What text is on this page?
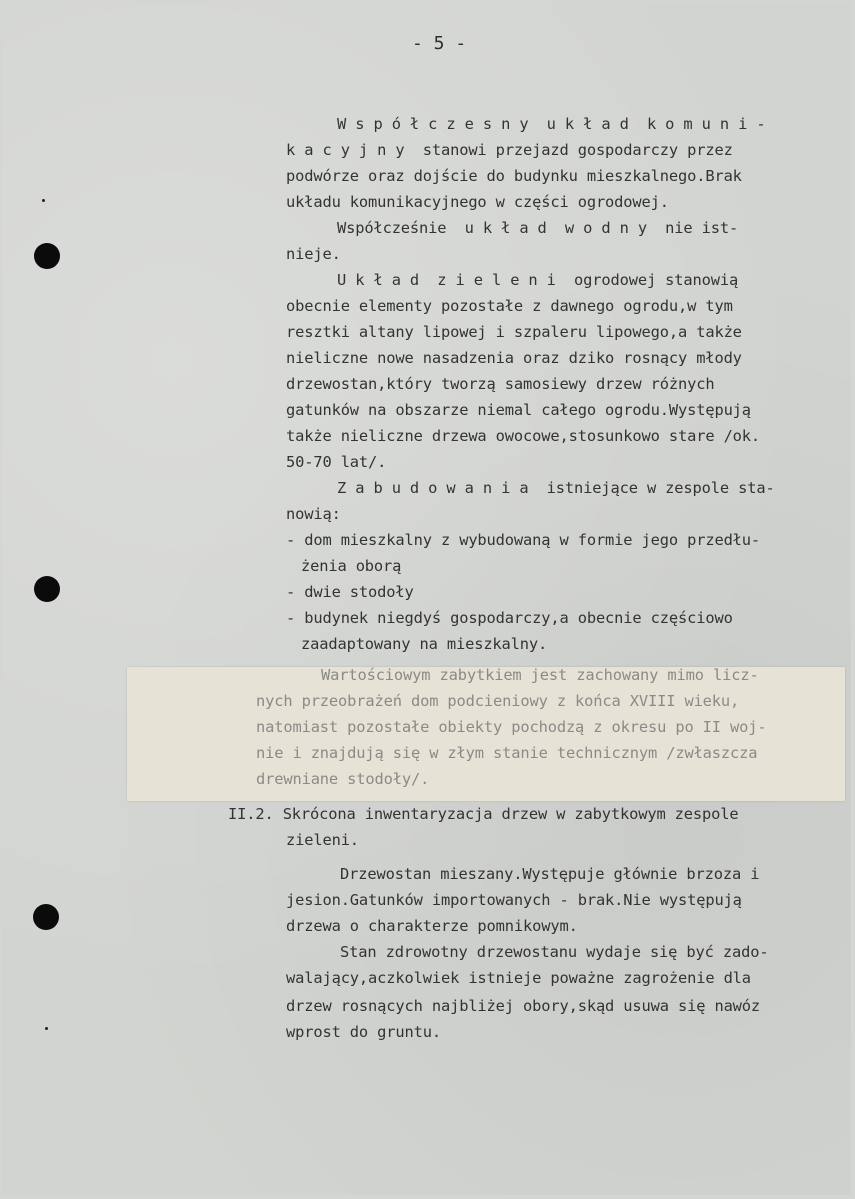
- 5 -
W s p ó ł c z e s n y  u k ł a d  k o m u n i -
k a c y j n y  stanowi przejazd gospodarczy przez
podwórze oraz dojście do budynku mieszkalnego.Brak
układu komunikacyjnego w części ogrodowej.
Współcześnie  u k ł a d  w o d n y  nie ist-
nieje.
U k ł a d  z i e l e n i  ogrodowej stanowią
obecnie elementy pozostałe z dawnego ogrodu,w tym
resztki altany lipowej i szpaleru lipowego,a także
nieliczne nowe nasadzenia oraz dziko rosnący młody
drzewostan,który tworzą samosiewy drzew różnych
gatunków na obszarze niemal całego ogrodu.Występują
także nieliczne drzewa owocowe,stosunkowo stare /ok.
50-70 lat/.
Z a b u d o w a n i a  istniejące w zespole sta-
nowią:
- dom mieszkalny z wybudowaną w formie jego przedłu-
żenia oborą
- dwie stodoły
- budynek niegdyś gospodarczy,a obecnie częściowo
zaadaptowany na mieszkalny.
Wartościowym zabytkiem jest zachowany mimo licz-
nych przeobrażeń dom podcieniowy z końca XVIII wieku,
natomiast pozostałe obiekty pochodzą z okresu po II woj-
nie i znajdują się w złym stanie technicznym /zwłaszcza
drewniane stodoły/.
II.2. Skrócona inwentaryzacja drzew w zabytkowym zespole
zieleni.
Drzewostan mieszany.Występuje głównie brzoza i
jesion.Gatunków importowanych - brak.Nie występują
drzewa o charakterze pomnikowym.
Stan zdrowotny drzewostanu wydaje się być zado-
walający,aczkolwiek istnieje poważne zagrożenie dla
drzew rosnących najbliżej obory,skąd usuwa się nawóz
wprost do gruntu.
